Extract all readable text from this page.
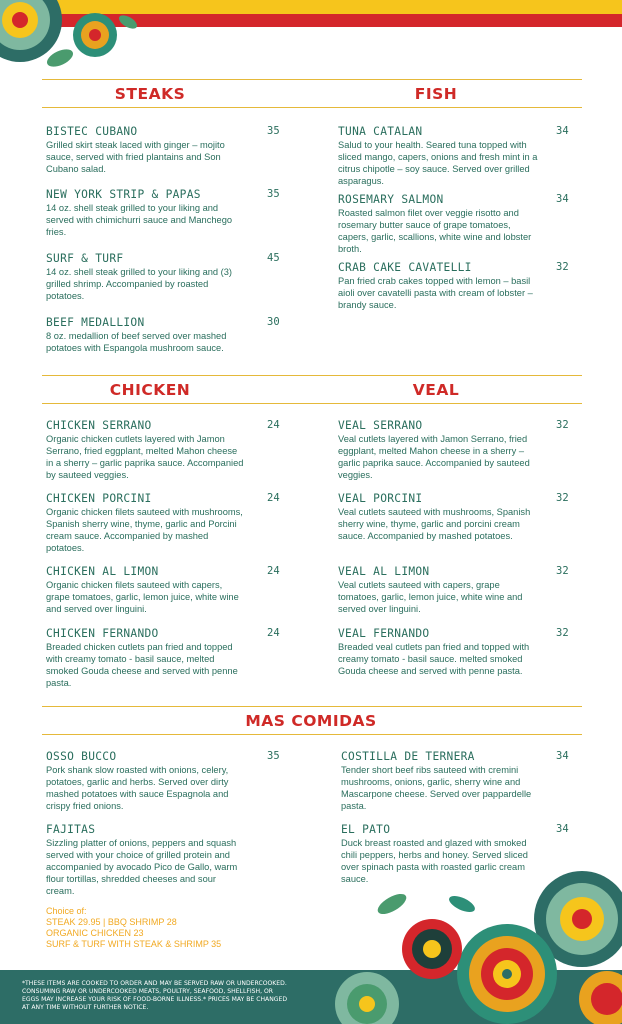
STEAKS	FISH
CHICKEN	VEAL
MAS COMIDAS
BISTEC CUBANO
Grilled skirt steak laced with ginger – mojito sauce, served with fried plantains and Son Cubano salad.
35
NEW YORK STRIP & PAPAS
14 oz. shell steak grilled to your liking and served with chimichurri sauce and Manchego fries.
35
SURF & TURF
14 oz. shell steak grilled to your liking and (3) grilled shrimp. Accompanied by roasted potatoes.
45
BEEF MEDALLION
8 oz. medallion of beef served over mashed potatoes with Espangola mushroom sauce.
30
TUNA CATALAN
Salud to your health. Seared tuna topped with sliced mango, capers, onions and fresh mint in a citrus chipotle – soy sauce. Served over grilled asparagus.
34
ROSEMARY SALMON
Roasted salmon filet over veggie risotto and rosemary butter sauce of grape tomatoes, capers, garlic, scallions, white wine and lobster broth.
34
CRAB CAKE CAVATELLI
Pan fried crab cakes topped with lemon – basil aioli over cavatelli pasta with cream of lobster – brandy sauce.
32
CHICKEN SERRANO
Organic chicken cutlets layered with Jamon Serrano, fried eggplant, melted Mahon cheese in a sherry – garlic paprika sauce. Accompanied by sauteed veggies.
24
CHICKEN PORCINI
Organic chicken filets sauteed with mushrooms, Spanish sherry wine, thyme, garlic and Porcini cream sauce. Accompanied by mashed potatoes.
24
CHICKEN AL LIMON
Organic chicken filets sauteed with capers, grape tomatoes, garlic, lemon juice, white wine and served over linguini.
24
CHICKEN FERNANDO
Breaded chicken cutlets pan fried and topped with creamy tomato - basil sauce, melted smoked Gouda cheese and served with penne pasta.
24
VEAL SERRANO
Veal cutlets layered with Jamon Serrano, fried eggplant, melted Mahon cheese in a sherry – garlic paprika sauce. Accompanied by sauteed veggies.
32
VEAL PORCINI
Veal cutlets sauteed with mushrooms, Spanish sherry wine, thyme, garlic and porcini cream sauce. Accompanied by mashed potatoes.
32
VEAL AL LIMON
Veal cutlets sauteed with capers, grape tomatoes, garlic, lemon juice, white wine and served over linguini.
32
VEAL FERNANDO
Breaded veal cutlets pan fried and topped with creamy tomato - basil sauce. melted smoked Gouda cheese and served with penne pasta.
32
OSSO BUCCO
Pork shank slow roasted with onions, celery, potatoes, garlic and herbs. Served over dirty mashed potatoes with sauce Espagnola and crispy fried onions.
35
FAJITAS
Sizzling platter of onions, peppers and squash served with your choice of grilled protein and accompanied by avocado Pico de Gallo, warm flour tortillas, shredded cheeses and sour cream.
Choice of:
STEAK 29.95 | BBQ SHRIMP 28
ORGANIC CHICKEN 23
SURF & TURF WITH STEAK & SHRIMP 35
COSTILLA DE TERNERA
Tender short beef ribs sauteed with cremini mushrooms, onions, garlic, sherry wine and Mascarpone cheese. Served over pappardelle pasta.
34
EL PATO
Duck breast roasted and glazed with smoked chili peppers, herbs and honey. Served sliced over spinach pasta with roasted garlic cream sauce.
34
*THESE ITEMS ARE COOKED TO ORDER AND MAY BE SERVED RAW OR UNDERCOOKED. CONSUMING RAW OR UNDERCOOKED MEATS, POULTRY, SEAFOOD, SHELLFISH, OR EGGS MAY INCREASE YOUR RISK OF FOOD-BORNE ILLNESS.* PRICES MAY BE CHANGED AT ANY TIME WITHOUT FURTHER NOTICE.
